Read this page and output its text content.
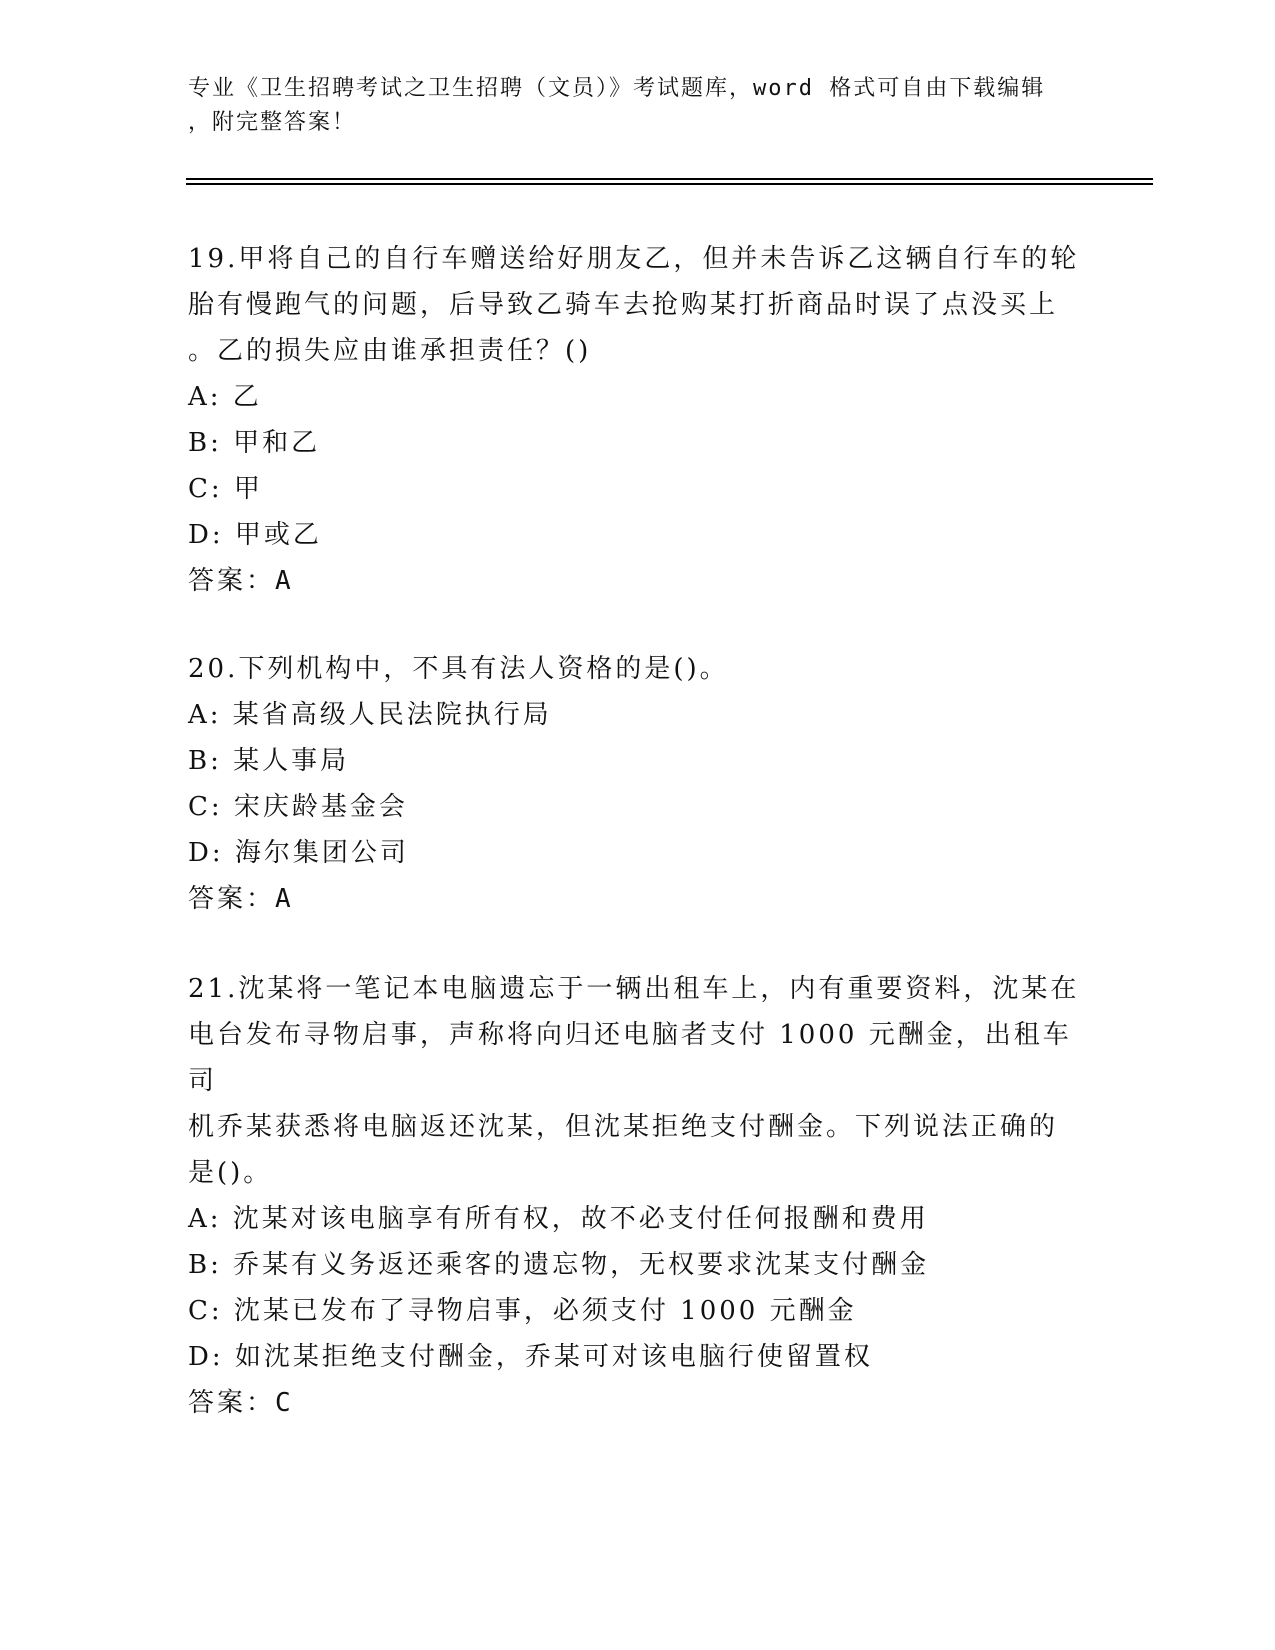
专业《卫生招聘考试之卫生招聘（文员）》考试题库，word 格式可自由下载编辑
，附完整答案！

19.甲将自己的自行车赠送给好朋友乙，但并未告诉乙这辆自行车的轮

胎有慢跑气的问题，后导致乙骑车去抢购某打折商品时误了点没买上

。乙的损失应由谁承担责任？()

A: 乙

B: 甲和乙

C: 甲

D: 甲或乙

答案：A

20.下列机构中，不具有法人资格的是()。

A: 某省高级人民法院执行局

B: 某人事局

C: 宋庆龄基金会

D: 海尔集团公司

答案：A

21.沈某将一笔记本电脑遗忘于一辆出租车上，内有重要资料，沈某在

电台发布寻物启事，声称将向归还电脑者支付 1000 元酬金，出租车司

机乔某获悉将电脑返还沈某，但沈某拒绝支付酬金。下列说法正确的

是()。

A: 沈某对该电脑享有所有权，故不必支付任何报酬和费用

B: 乔某有义务返还乘客的遗忘物，无权要求沈某支付酬金

C: 沈某已发布了寻物启事，必须支付 1000 元酬金

D: 如沈某拒绝支付酬金，乔某可对该电脑行使留置权

答案：C
